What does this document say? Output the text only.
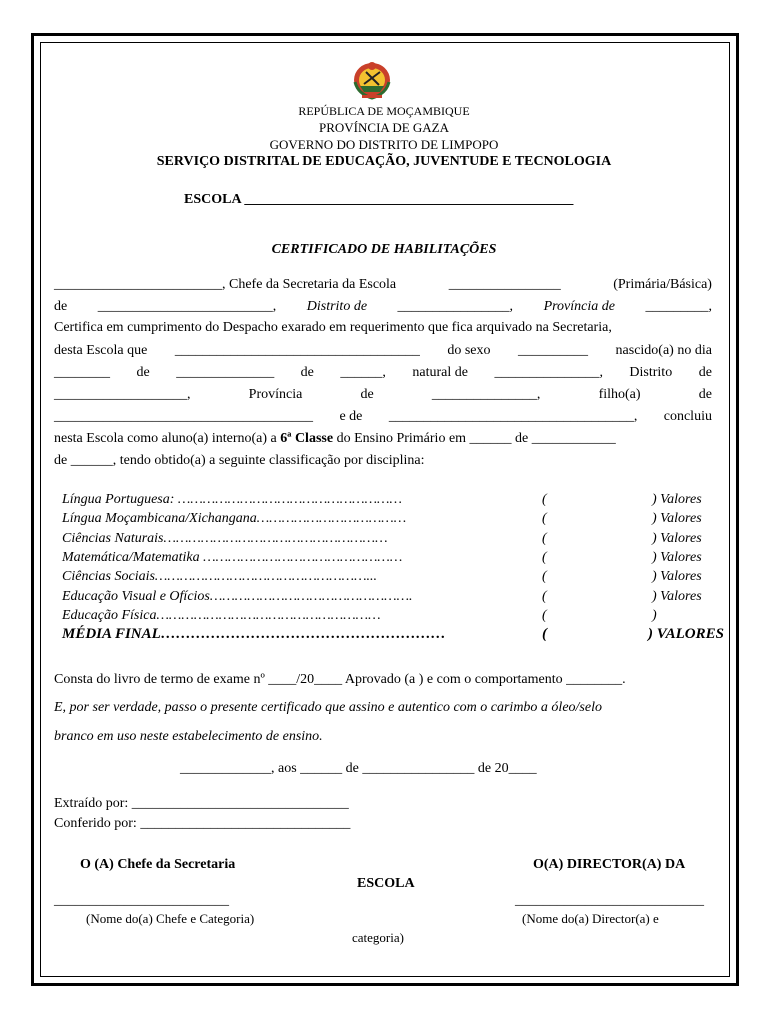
REPÚBLICA DE MOÇAMBIQUE
PROVÍNCIA DE GAZA
GOVERNO DO DISTRITO DE LIMPOPO
SERVIÇO DISTRITAL DE EDUCAÇÃO, JUVENTUDE E TECNOLOGIA
ESCOLA _______________________________________________
CERTIFICADO DE HABILITAÇÕES
________________________, Chefe da Secretaria da Escola	________________	(Primária/Básica)
de _________________________, Distrito de ________________, Província de _________,
Certifica em cumprimento do Despacho exarado em requerimento que fica arquivado na Secretaria,
desta Escola que ___________________________________ do sexo __________ nascido(a) no dia
________ de ______________ de ______, natural de _______________, Distrito de
___________________,	Província	de	_______________,	filho(a)	de
_____________________________________ e de ___________________________________, concluiu
nesta Escola como aluno(a) interno(a) a 6ª Classe do Ensino Primário em ______ de ____________
de ______, tendo obtido(a) a seguinte classificação por disciplina:
Língua Portuguesa: ………………………………………………	(	) Valores
Língua Moçambicana/Xichangana………………………………	(	) Valores
Ciências Naturais………………………………………………	(	) Valores
Matemática/Matematika …………………………………………	(	) Valores
Ciências Sociais……………………………………………...	(	) Valores
Educação Visual e Ofícios………………………………………….	(	) Valores
Educação Física………………………………………………	(	)
MÉDIA FINAL…………………………………………………	(	) VALORES
Consta do livro de termo de exame nº ____/20____ Aprovado (a ) e com o comportamento ________.
E, por ser verdade, passo o presente certificado que assino e autentico com o carimbo a óleo/selo
branco em uso neste estabelecimento de ensino.
_____________, aos ______ de ________________ de 20____
Extraído por: _______________________________
Conferido por: ______________________________
O (A) Chefe da Secretaria	O(A) DIRECTOR(A) DA
ESCOLA
_________________________	___________________________
(Nome do(a) Chefe e Categoria)	(Nome do(a) Director(a) e
categoria)
